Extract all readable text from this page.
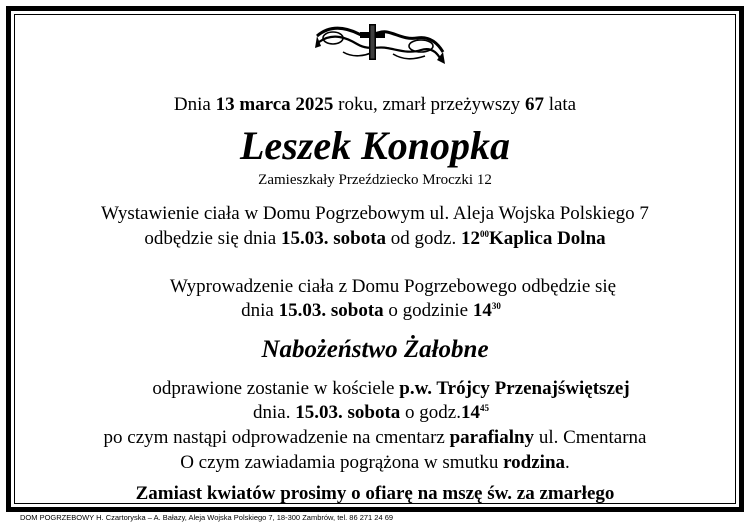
Dnia 13 marca 2025 roku, zmarł przeżywszy 67 lata
Leszek Konopka
Zamieszkały Przeździecko Mroczki 12
Wystawienie ciała w Domu Pogrzebowym ul. Aleja Wojska Polskiego 7
odbędzie się dnia 15.03. sobota od godz. $12^{00}Kaplica$ Dolna
Wyprowadzenie ciała z Domu Pogrzebowego odbędzie się
dnia 15.03. sobota o godzinie $14^{30}$
Nabożeństwo Żałobne
odprawione zostanie w kościele p.w. Trójcy Przenajświętszej
dnia. 15.03. sobota o $godz.14^{45}$
po czym nastąpi odprowadzenie na cmentarz parafialny ul. Cmentarna
O czym zawiadamia pogrążona w smutku rodzina.
Zamiast kwiatów prosimy o ofiarę na mszę św. za zmarłego
DOM POGRZEBOWY H. Czartoryska – A. Bałazy, Aleja Wojska Polskiego 7, 18-300 Zambrów, tel. 86 271 24 69
